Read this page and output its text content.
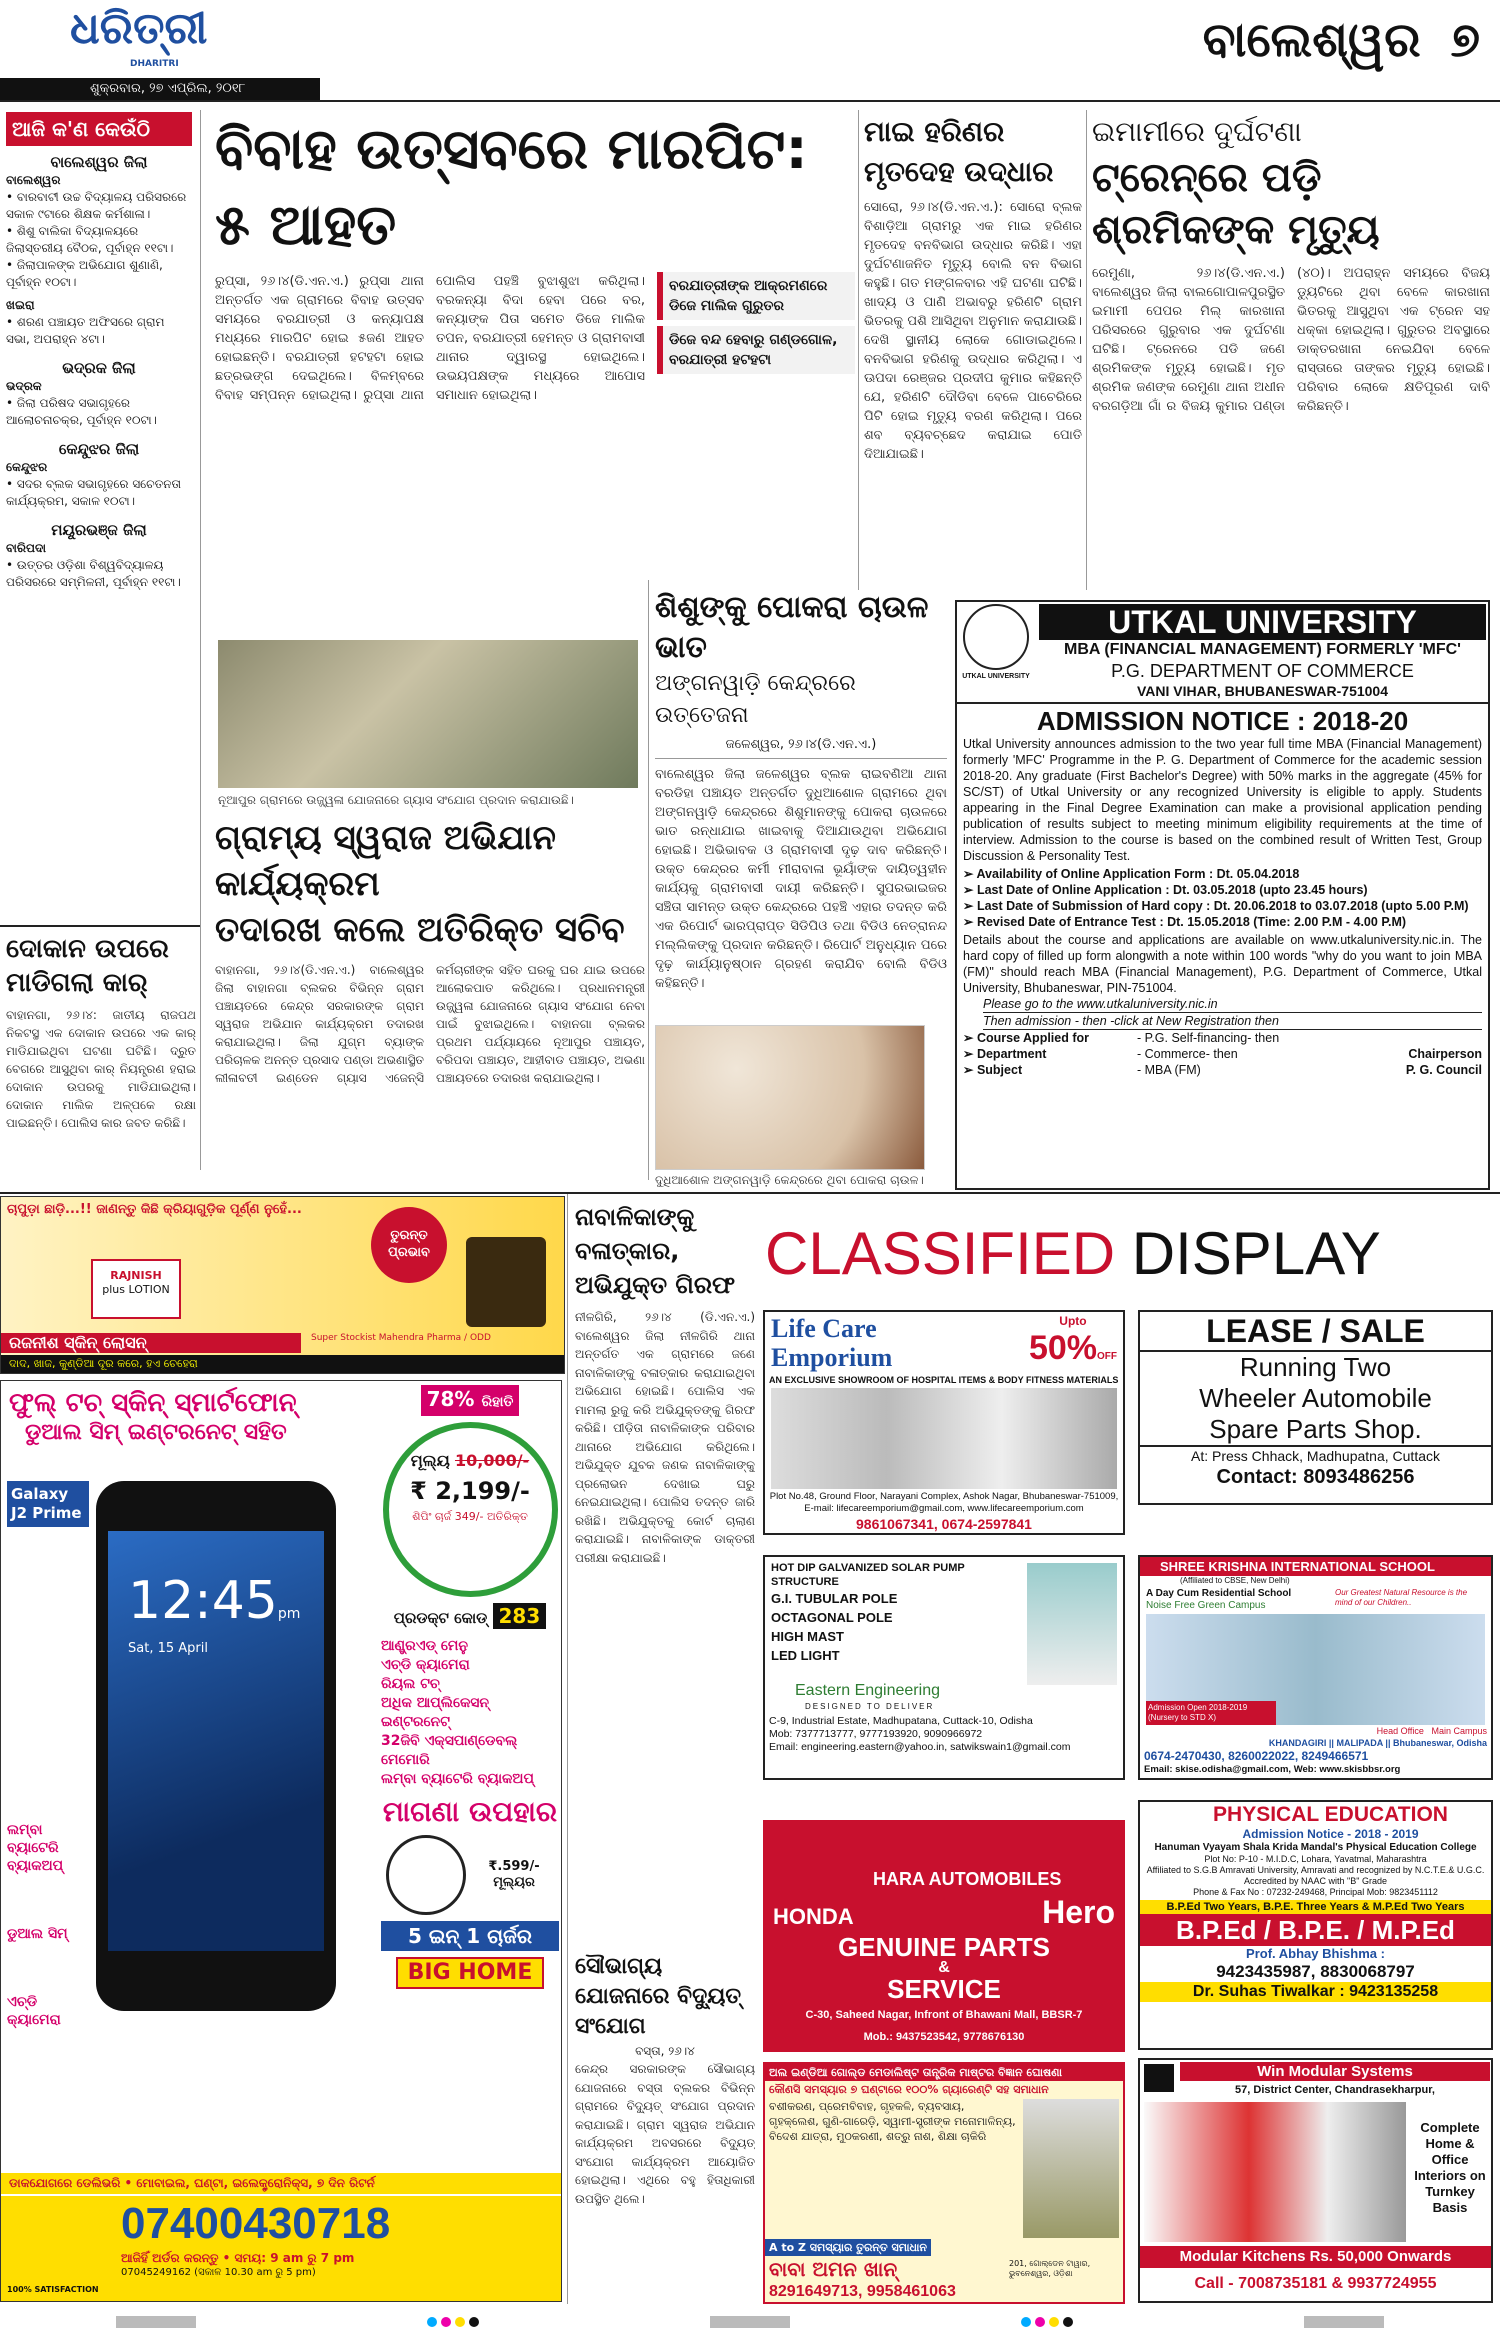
ଧରିତ୍ରୀ
DHARITRI
ଶୁକ୍ରବାର, ୨୭ ଏପ୍ରିଲ, ୨୦୧୮
ବାଲେଶ୍ୱର ୭
ଆଜି କ'ଣ କେଉଁଠି
ବାଲେଶ୍ୱର ଜିଲା
ବାଲେଶ୍ୱର
• ବାରବାଟୀ ଉଚ୍ଚ ବିଦ୍ୟାଳୟ ପରିସରରେ ସକାଳ ୯ଟାରେ ଶିକ୍ଷକ କର୍ମଶାଳା।
• ଶିଶୁ ବାଲିକା ବିଦ୍ୟାଳୟରେ ଜିଲାସ୍ତରୀୟ ବୈଠକ, ପୂର୍ବାହ୍ନ ୧୧ଟା।
• ଜିଲାପାଳଙ୍କ ଅଭିଯୋଗ ଶୁଣାଣି, ପୂର୍ବାହ୍ନ ୧୦ଟା।
ଖଇରା
• ଶରଣ ପଞ୍ଚାୟତ ଅଫିସରେ ଗ୍ରାମ ସଭା, ଅପରାହ୍ନ ୪ଟା।
ଭଦ୍ରକ ଜିଲା
ଭଦ୍ରକ
• ଜିଲା ପରିଷଦ ସଭାଗୃହରେ ଆଲୋଚନାଚକ୍ର, ପୂର୍ବାହ୍ନ ୧୦ଟା।
କେନ୍ଦୁଝର ଜିଲା
କେନ୍ଦୁଝର
• ସଦର ବ୍ଲକ ସଭାଗୃହରେ ସଚେତନତା କାର୍ଯ୍ୟକ୍ରମ, ସକାଳ ୧୦ଟା।
ମୟୂରଭଞ୍ଜ ଜିଲା
ବାରିପଦା
• ଉତ୍ତର ଓଡ଼ିଶା ବିଶ୍ୱବିଦ୍ୟାଳୟ ପରିସରରେ ସମ୍ମିଳନୀ, ପୂର୍ବାହ୍ନ ୧୧ଟା।
ଦୋକାନ ଉପରେ ମାଡିଗଲା କାର୍
ବାହାନଗା, ୨୬।୪: ଜାତୀୟ ରାଜପଥ ନିକଟସ୍ଥ ଏକ ଦୋକାନ ଉପରେ ଏକ କାର୍ ମାଡିଯାଇଥିବା ଘଟଣା ଘଟିଛି। ଦ୍ରୁତ ବେଗରେ ଆସୁଥିବା କାର୍ ନିୟନ୍ତ୍ରଣ ହରାଇ ଦୋକାନ ଉପରକୁ ମାଡିଯାଇଥିଲା। ଦୋକାନ ମାଲିକ ଅଳ୍ପକେ ରକ୍ଷା ପାଇଛନ୍ତି। ପୋଲିସ କାର ଜବତ କରିଛି।
ବିବାହ ଉତ୍ସବରେ ମାରପିଟ: ୫ ଆହତ
ରୁପ୍‌ସା, ୨୬।୪(ଡି.ଏନ.ଏ.) ରୁପ୍‌ସା ଥାନା ଅନ୍ତର୍ଗତ ଏକ ଗ୍ରାମରେ ବିବାହ ଉତ୍ସବ ସମୟରେ ବରଯାତ୍ରୀ ଓ କନ୍ୟାପକ୍ଷ ମଧ୍ୟରେ ମାରପିଟ ହୋଇ ୫ଜଣ ଆହତ ହୋଇଛନ୍ତି। ବରଯାତ୍ରୀ ହଟହଟା ହୋଇ ଛତ୍ରଭଙ୍ଗ ଦେଇଥିଲେ। ବିଳମ୍ବରେ ବିବାହ ସମ୍ପନ୍ନ ହୋଇଥିଲା। ରୁପ୍‌ସା ଥାନା ପୋଲିସ ପହଞ୍ଚି ବୁଝାଶୁଝା କରିଥିଲା। ବରକନ୍ୟା ବିଦା ହେବା ପରେ ବର, କନ୍ୟାଙ୍କ ପିତା ସମେତ ଡିଜେ ମାଲିକ ତପନ, ବରଯାତ୍ରୀ ହେମନ୍ତ ଓ ଗ୍ରାମବାସୀ ଥାନାର ଦ୍ୱାରସ୍ଥ ହୋଇଥିଲେ। ଉଭୟପକ୍ଷଙ୍କ ମଧ୍ୟରେ ଆପୋସ ସମାଧାନ ହୋଇଥିଲା।
ବରଯାତ୍ରୀଙ୍କ ଆକ୍ରମଣରେ ଡିଜେ ମାଲିକ ଗୁରୁତର
ଡିଜେ ବନ୍ଦ ହେବାରୁ ଗଣ୍ଡଗୋଳ, ବରଯାତ୍ରୀ ହଟହଟା
ନୂଆପୁର ଗ୍ରାମରେ ଉଜ୍ଜ୍ୱଳା ଯୋଜନାରେ ଗ୍ୟାସ ସଂଯୋଗ ପ୍ରଦାନ କରାଯାଉଛି।
ଗ୍ରାମ୍ୟ ସ୍ୱରାଜ ଅଭିଯାନ କାର୍ଯ୍ୟକ୍ରମ
ତଦାରଖ କଲେ ଅତିରିକ୍ତ ସଚିବ
ବାହାନଗା, ୨୬।୪(ଡି.ଏନ.ଏ.) ବାଲେଶ୍ୱର ଜିଲା ବାହାନଗା ବ୍ଲକର ବିଭିନ୍ନ ଗ୍ରାମ ପଞ୍ଚାୟତରେ କେନ୍ଦ୍ର ସରକାରଙ୍କ ଗ୍ରାମ ସ୍ୱରାଜ ଅଭିଯାନ କାର୍ଯ୍ୟକ୍ରମ ତଦାରଖ କରାଯାଇଥିଲା। ଜିଲା ଯୁଗ୍ମ ବ୍ୟାଙ୍କ ପରିଚାଳକ ଅନନ୍ତ ପ୍ରସାଦ ପଣ୍ଡା ଅଭଣାସ୍ଥିତ ଲୀଳାବତୀ ଇଣ୍ଡେନ ଗ୍ୟାସ ଏଜେନ୍ସି କର୍ମଚାରୀଙ୍କ ସହିତ ଘରକୁ ଘର ଯାଇ ଉପରେ ଆଲୋକପାତ କରିଥିଲେ। ପ୍ରଧାନମନ୍ତ୍ରୀ ଉଜ୍ଜ୍ୱଳା ଯୋଜନାରେ ଗ୍ୟାସ ସଂଯୋଗ ନେବା ପାଇଁ ବୁଝାଇଥିଲେ। ବାହାନଗା ବ୍ଲକର ପ୍ରଥମ ପର୍ଯ୍ୟାୟରେ ନୂଆପୁର ପଞ୍ଚାୟତ, ବରିପଦା ପଞ୍ଚାୟତ, ଆହୀବାଡ ପଞ୍ଚାୟତ, ଅଭଣା ପଞ୍ଚାୟତରେ ତଦାରଖ କରାଯାଇଥିଲା।
ମାଇ ହରିଣର ମୃତଦେହ ଉଦ୍ଧାର
ସୋରୋ, ୨୬।୪(ଡି.ଏନ.ଏ.): ସୋରୋ ବ୍ଲକ ବିଶାଡ଼ିଆ ଗ୍ରାମରୁ ଏକ ମାଇ ହରିଣର ମୃତଦେହ ବନବିଭାଗ ଉଦ୍ଧାର କରିଛି। ଏହା ଦୁର୍ଘଟଣାଜନିତ ମୃତ୍ୟୁ ବୋଲି ବନ ବିଭାଗ କହୁଛି। ଗତ ମଙ୍ଗଳବାର ଏହି ଘଟଣା ଘଟିଛି। ଖାଦ୍ୟ ଓ ପାଣି ଅଭାବରୁ ହରିଣଟି ଗ୍ରାମ ଭିତରକୁ ପଶି ଆସିଥିବା ଅନୁମାନ କରାଯାଉଛି। ଦେଖି ସ୍ଥାନୀୟ ଲୋକେ ଗୋଡାଇଥିଲେ। ବନବିଭାଗ ହରିଣକୁ ଉଦ୍ଧାର କରିଥିଲା। ଏ ଊପଦା ରେଞ୍ଜର ପ୍ରଦୀପ କୁମାର କହିଛନ୍ତି ଯେ, ହରିଣଟି ଦୌଡିବା ବେଳେ ପାଚେରିରେ ପିଟି ହୋଇ ମୃତ୍ୟୁ ବରଣ କରିଥିଲା। ପରେ ଶବ ବ୍ୟବଚ୍ଛେଦ କରାଯାଇ ପୋତି ଦିଆଯାଇଛି।
ଶିଶୁଙ୍କୁ ପୋକରା ଚାଉଳ ଭାତ
ଅଙ୍ଗନୱାଡ଼ି କେନ୍ଦ୍ରରେ ଉତ୍ତେଜନା
ଜଳେଶ୍ୱର, ୨୬।୪(ଡି.ଏନ.ଏ.)
ବାଲେଶ୍ୱର ଜିଲା ଜଳେଶ୍ୱର ବ୍ଲକ ରାଇବଣିଆ ଥାନା ବରଡିହା ପଞ୍ଚାୟତ ଅନ୍ତର୍ଗତ ଦୁଧିଆଶୋଳ ଗ୍ରାମରେ ଥିବା ଅଙ୍ଗନୱାଡ଼ି କେନ୍ଦ୍ରରେ ଶିଶୁମାନଙ୍କୁ ପୋକରା ଚାଉଳରେ ଭାତ ରନ୍ଧାଯାଇ ଖାଇବାକୁ ଦିଆଯାଉଥିବା ଅଭିଯୋଗ ହୋଇଛି। ଅଭିଭାବକ ଓ ଗ୍ରାମବାସୀ ଦୃଢ଼ ଦାବ କରିଛନ୍ତି। ଉକ୍ତ କେନ୍ଦ୍ରର କର୍ମୀ ମୀରାବାଳା ଭୂୟାଁଙ୍କ ଦାୟିତ୍ୱହୀନ କାର୍ଯ୍ୟକୁ ଗ୍ରାମବାସୀ ଦାୟୀ କରିଛନ୍ତି। ସୁପରଭାଇଜର ସଞ୍ଚିତା ସାମନ୍ତ ଉକ୍ତ କେନ୍ଦ୍ରରେ ପହଞ୍ଚି ଏହାର ତଦନ୍ତ କରି ଏକ ରିପୋର୍ଟ ଭାରପ୍ରାପ୍ତ ସିଡିପିଓ ତଥା ବିଡିଓ ନେତ୍ରାନନ୍ଦ ମଲ୍ଲିକଙ୍କୁ ପ୍ରଦାନ କରିଛନ୍ତି। ରିପୋର୍ଟ ଅନୁଧ୍ୟାନ ପରେ ଦୃଢ଼ କାର୍ଯ୍ୟାନୁଷ୍ଠାନ ଗ୍ରହଣ କରାଯିବ ବୋଲି ବିଡିଓ କହିଛନ୍ତି।
ଦୁଧିଆଶୋଳ ଅଙ୍ଗନୱାଡ଼ି କେନ୍ଦ୍ରରେ ଥିବା ପୋକରା ଚାଉଳ।
ଇମାମୀରେ ଦୁର୍ଘଟଣା
ଟ୍ରେନ୍‌ରେ ପଡ଼ି ଶ୍ରମିକଙ୍କ ମୃତ୍ୟୁ
ରେମୁଣା, ୨୬।୪(ଡି.ଏନ.ଏ.) ବାଲେଶ୍ୱର ଜିଲା ବାଲଗୋପାଳପୁରସ୍ଥିତ ଇମାମୀ ପେପର ମିଲ୍ କାରଖାନା ପରିସରରେ ଗୁରୁବାର ଏକ ଦୁର୍ଘଟଣା ଘଟିଛି। ଟ୍ରେନରେ ପଡି ଜଣେ ଶ୍ରମିକଙ୍କ ମୃତ୍ୟୁ ହୋଇଛି। ମୃତ ଶ୍ରମିକ ଜଣଙ୍କ ରେମୁଣା ଥାନା ଅଧୀନ ବରଗଡ଼ିଆ ଗାଁ ର ବିଜୟ କୁମାର ପଣ୍ଡା (୪୦)। ଅପରାହ୍ନ ସମୟରେ ବିଜୟ ଡ୍ୟୁଟିରେ ଥିବା ବେଳେ କାରଖାନା ଭିତରକୁ ଆସୁଥିବା ଏକ ଟ୍ରେନ ସହ ଧକ୍କା ହୋଇଥିଲା। ଗୁରୁତର ଅବସ୍ଥାରେ ଡାକ୍ତରଖାନା ନେଇଯିବା ବେଳେ ରାସ୍ତାରେ ତାଙ୍କର ମୃତ୍ୟୁ ହୋଇଛି। ପରିବାର ଲୋକେ କ୍ଷତିପୂରଣ ଦାବି କରିଛନ୍ତି।
UTKAL UNIVERSITY
UTKAL UNIVERSITY
MBA (FINANCIAL MANAGEMENT) FORMERLY 'MFC'
P.G. DEPARTMENT OF COMMERCE
VANI VIHAR, BHUBANESWAR-751004
ADMISSION NOTICE : 2018-20
Utkal University announces admission to the two year full time MBA (Financial Management) formerly 'MFC' Programme in the P. G. Department of Commerce for the academic session 2018-20. Any graduate (First Bachelor's Degree) with 50% marks in the aggregate (45% for SC/ST) of Utkal University or any recognized University is eligible to apply. Students appearing in the Final Degree Examination can make a provisional application pending publication of results subject to meeting minimum eligibility requirements at the time of interview. Admission to the course is based on the combined result of Written Test, Group Discussion & Personality Test.
➢ Availability of Online Application Form : Dt. 05.04.2018
➢ Last Date of Online Application : Dt. 03.05.2018 (upto 23.45 hours)
➢ Last Date of Submission of Hard copy : Dt. 20.06.2018 to 03.07.2018 (upto 5.00 P.M)
➢ Revised Date of Entrance Test : Dt. 15.05.2018 (Time: 2.00 P.M - 4.00 P.M)
Details about the course and applications are available on www.utkaluniversity.nic.in. The hard copy of filled up form alongwith a note within 100 words "why do you want to join MBA (FM)" should reach MBA (Financial Management), P.G. Department of Commerce, Utkal University, Bhubaneswar, PIN-751004.
Please go to the www.utkaluniversity.nic.in
Then admission - then -click at New Registration then
➢ Course Applied for	- P.G. Self-financing- then
➢ Department	- Commerce- then
➢ Subject	- MBA (FM)
Chairperson
P. G. Council
ଚାପୁଡ଼ା ଛାଡ଼ି...!! ଜାଣନ୍ତୁ କିଛି କ୍ରିୟାଗୁଡ଼ିକ ପୂର୍ଣ୍ଣ ନୁହେଁ...
RAJNISH
plus LOTION
ତୁରନ୍ତ ପ୍ରଭାବ
Super Stockist Mahendra Pharma / ODD
ରଜନୀଶ ସ୍କିନ୍ ଲୋସନ୍
ଦାଦ, ଖାଜ, କୁଣ୍ଡିଆ ଦୂର କରେ, ହଏ ଚେହେରା
ଫୁଲ୍ ଟଚ୍ ସ୍କିନ୍ ସ୍ମାର୍ଟଫୋନ୍
ଡୁଆଲ ସିମ୍ ଇଣ୍ଟରନେଟ୍ ସହିତ
Galaxy J2 Prime
12:45pm
Sat, 15 April
ଲମ୍ବା ବ୍ୟାଟେରି ବ୍ୟାକଅପ୍
ଡୁଆଲ ସିମ୍
ଏଚ୍‌ଡି କ୍ୟାମେରା
78% ରିହାତି
ମୂଲ୍ୟ 10,000/-
₹ 2,199/-
ଶିପିଂ ଚାର୍ଜ 349/- ଅତିରିକ୍ତ
ପ୍ରଡକ୍ଟ କୋଡ୍ 283
ଆଣ୍ଡ୍ରଏଡ୍ ମେନୁ
ଏଚ୍‌ଡି କ୍ୟାମେରା
ରିୟଲ ଟଚ୍
ଅଧିକ ଆପ୍ଲିକେସନ୍
ଇଣ୍ଟରନେଟ୍
32ଜିବି ଏକ୍ସପାଣ୍ଡେବଲ୍ ମେମୋରି
ଲମ୍ବା ବ୍ୟାଟେରି ବ୍ୟାକଅପ୍
ମାଗଣା ଉପହାର
₹.599/- ମୂଲ୍ୟର
5 ଇନ୍ 1 ଚାର୍ଜର
BIG HOME
ଡାକଯୋଗରେ ଡେଲିଭରି • ମୋବାଇଲ, ଘଣ୍ଟା, ଇଲେକ୍ଟ୍ରୋନିକ୍ସ, ୭ ଦିନ ରିଟର୍ନ
100% SATISFACTION
07400430718
ଆଜିହିଁ ଅର୍ଡର କରନ୍ତୁ • ସମୟ: 9 am ରୁ 7 pm
07045249162 (ସକାଳ 10.30 am ରୁ 5 pm)
ନାବାଳିକାଙ୍କୁ ବଳାତ୍କାର, ଅଭିଯୁକ୍ତ ଗିରଫ
ନୀଳଗିରି, ୨୬।୪ (ଡି.ଏନ.ଏ.) ବାଲେଶ୍ୱର ଜିଲା ନୀଳଗିରି ଥାନା ଅନ୍ତର୍ଗତ ଏକ ଗ୍ରାମରେ ଜଣେ ନାବାଳିକାଙ୍କୁ ବଳାତ୍କାର କରାଯାଇଥିବା ଅଭିଯୋଗ ହୋଇଛି। ପୋଲିସ ଏକ ମାମଲା ରୁଜୁ କରି ଅଭିଯୁକ୍ତଙ୍କୁ ଗିରଫ କରିଛି। ପୀଡ଼ିତା ନାବାଳିକାଙ୍କ ପରିବାର ଥାନାରେ ଅଭିଯୋଗ କରିଥିଲେ। ଅଭିଯୁକ୍ତ ଯୁବକ ଜଣକ ନାବାଳିକାଙ୍କୁ ପ୍ରଲୋଭନ ଦେଖାଇ ଘରୁ ନେଇଯାଇଥିଲା। ପୋଲିସ ତଦନ୍ତ ଜାରି ରଖିଛି। ଅଭିଯୁକ୍ତକୁ କୋର୍ଟ ଚାଲାଣ କରାଯାଇଛି। ନାବାଳିକାଙ୍କ ଡାକ୍ତରୀ ପରୀକ୍ଷା କରାଯାଇଛି।
ସୌଭାଗ୍ୟ ଯୋଜନାରେ ବିଦ୍ୟୁତ୍ ସଂଯୋଗ
ବସ୍ତା, ୨୬।୪
କେନ୍ଦ୍ର ସରକାରଙ୍କ ସୌଭାଗ୍ୟ ଯୋଜନାରେ ବସ୍ତା ବ୍ଲକର ବିଭିନ୍ନ ଗ୍ରାମରେ ବିଦ୍ୟୁତ୍ ସଂଯୋଗ ପ୍ରଦାନ କରାଯାଇଛି। ଗ୍ରାମ ସ୍ୱରାଜ ଅଭିଯାନ କାର୍ଯ୍ୟକ୍ରମ ଅବସରରେ ବିଦ୍ୟୁତ୍ ସଂଯୋଗ କାର୍ଯ୍ୟକ୍ରମ ଆୟୋଜିତ ହୋଇଥିଲା। ଏଥିରେ ବହୁ ହିତାଧିକାରୀ ଉପସ୍ଥିତ ଥିଲେ।
CLASSIFIED DISPLAY
Life Care
Emporium
Upto
50%OFF
AN EXCLUSIVE SHOWROOM OF HOSPITAL ITEMS & BODY FITNESS MATERIALS
Plot No.48, Ground Floor, Narayani Complex, Ashok Nagar, Bhubaneswar-751009, E-mail: lifecareemporium@gmail.com, www.lifecareemporium.com
9861067341, 0674-2597841
LEASE / SALE
Running Two
Wheeler Automobile
Spare Parts Shop.
At: Press Chhack, Madhupatna, Cuttack
Contact: 8093486256
HOT DIP GALVANIZED SOLAR PUMP STRUCTURE
G.I. TUBULAR POLE
OCTAGONAL POLE
HIGH MAST
LED LIGHT
Eastern Engineering
DESIGNED TO DELIVER
C-9, Industrial Estate, Madhupatana, Cuttack-10, Odisha
Mob: 7377713777, 9777193920, 9090966972
Email: engineering.eastern@yahoo.in, satwikswain1@gmail.com
SHREE KRISHNA INTERNATIONAL SCHOOL
(Affiliated to CBSE, New Delhi)
A Day Cum Residential School
Noise Free Green Campus
Our Greatest Natural Resource is the mind of our Children..
Admission Open 2018-2019 (Nursery to STD X)
Head Office Main Campus
KHANDAGIRI || MALIPADA || Bhubaneswar, Odisha
0674-2470430, 8260022022, 8249466571
Email: skise.odisha@gmail.com, Web: www.skisbbsr.org
HARA AUTOMOBILES
HONDA	Hero
GENUINE PARTS
&
SERVICE
C-30, Saheed Nagar, Infront of Bhawani Mall, BBSR-7
Mob.: 9437523542, 9778676130
PHYSICAL EDUCATION
Admission Notice - 2018 - 2019
Hanuman Vyayam Shala Krida Mandal's Physical Education College
Plot No: P-10 - M.I.D.C, Lohara, Yavatmal, Maharashtra
Affiliated to S.G.B Amravati University, Amravati and recognized by N.C.T.E.& U.G.C. Accredited by NAAC with "B" Grade
Phone & Fax No : 07232-249468, Principal Mob: 9823451112
B.P.Ed Two Years, B.P.E. Three Years & M.P.Ed Two Years
B.P.Ed / B.P.E. / M.P.Ed
Prof. Abhay Bhishma :
9423435987, 8830068797
Dr. Suhas Tiwalkar : 9423135258
ଅଲ ଇଣ୍ଡିଆ ଗୋଲ୍ଡ ମେଡାଲିଷ୍ଟ ତାନ୍ତ୍ରିକ ମାଷ୍ଟର ବିଜ୍ଞାନ ଘୋଷଣା
କୌଣସି ସମସ୍ୟାର ୭ ଘଣ୍ଟାରେ ୧୦୦% ଗ୍ୟାରେଣ୍ଟି ସହ ସମାଧାନ
ବଶୀକରଣ, ପ୍ରେମବିବାହ, ଗୃହକଳି, ବ୍ୟବସାୟ, ଗୃହକ୍ଲେଶ, ଗୁଣି-ଗାରେଡ଼ି, ସ୍ୱାମୀ-ସ୍ତ୍ରୀଙ୍କ ମନୋମାଳିନ୍ୟ, ବିଦେଶ ଯାତ୍ରା, ମୁଠକରଣୀ, ଶତ୍ରୁ ନାଶ, ଶିକ୍ଷା ଚାକିରି
A to Z ସମସ୍ୟାର ତୁରନ୍ତ ସମାଧାନ
ବାବା ଅମନ ଖାନ୍	201, ଗୋଲ୍ଡେନ ଟାୱାର, ଭୁବନେଶ୍ୱର, ଓଡ଼ିଶା
8291649713, 9958461063
Win Modular Systems
57, District Center, Chandrasekharpur,
Complete Home & Office Interiors on Turnkey Basis
Modular Kitchens Rs. 50,000 Onwards
Call - 7008735181 & 9937724955
